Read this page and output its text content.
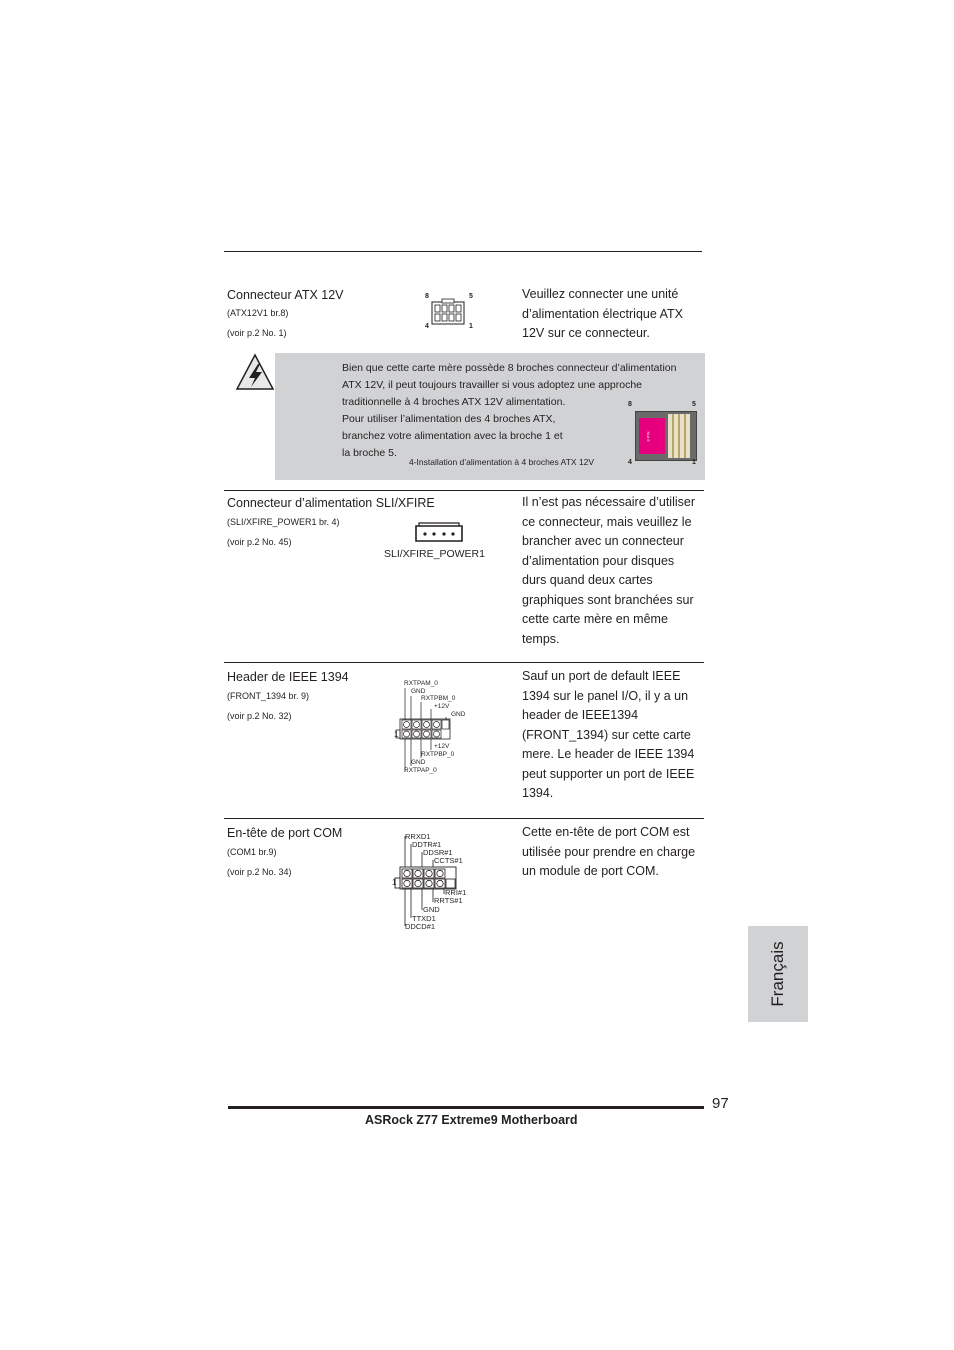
Connecteur ATX 12V
(ATX12V1 br.8)
(voir p.2 No. 1)
8	5
4	1
Veuillez connecter une unité
d’alimentation électrique ATX
12V sur ce connecteur.
Bien que cette carte mère possède 8 broches connecteur d’alimentation
ATX 12V, il peut toujours travailler si vous adoptez une approche
traditionnelle à 4 broches ATX 12V alimentation.
Pour utiliser l’alimentation des 4 broches ATX,
branchez votre alimentation avec la broche 1 et
la broche 5.
4-Installation d’alimentation à 4 broches ATX 12V
8	5
8 PIN
4	1
Connecteur d’alimentation SLI/XFIRE
(SLI/XFIRE_POWER1 br. 4)
(voir p.2 No. 45)
SLI/XFIRE_POWER1
Il n’est pas nécessaire d’utiliser
ce connecteur, mais veuillez le
brancher avec un connecteur
d’alimentation pour disques
durs quand deux cartes
graphiques sont branchées sur
cette carte mère en même
temps.
Header de IEEE 1394
(FRONT_1394 br. 9)
(voir p.2 No. 32)
RXTPAM_0
GND
RXTPBM_0
+12V
GND
1
+12V
RXTPBP_0
GND
RXTPAP_0
Sauf un port de default IEEE
1394 sur le panel I/O, il y a un
header de IEEE1394
(FRONT_1394) sur cette carte
mere. Le header de IEEE 1394
peut supporter un port de IEEE
1394.
En-tête de port COM
(COM1 br.9)
(voir p.2 No. 34)
RRXD1
DDTR#1
DDSR#1
CCTS#1
1
RRI#1
RRTS#1
GND
TTXD1
DDCD#1
Cette en-tête de port COM est
utilisée pour prendre en charge
un module de port COM.
Français
97
ASRock Z77 Extreme9 Motherboard
